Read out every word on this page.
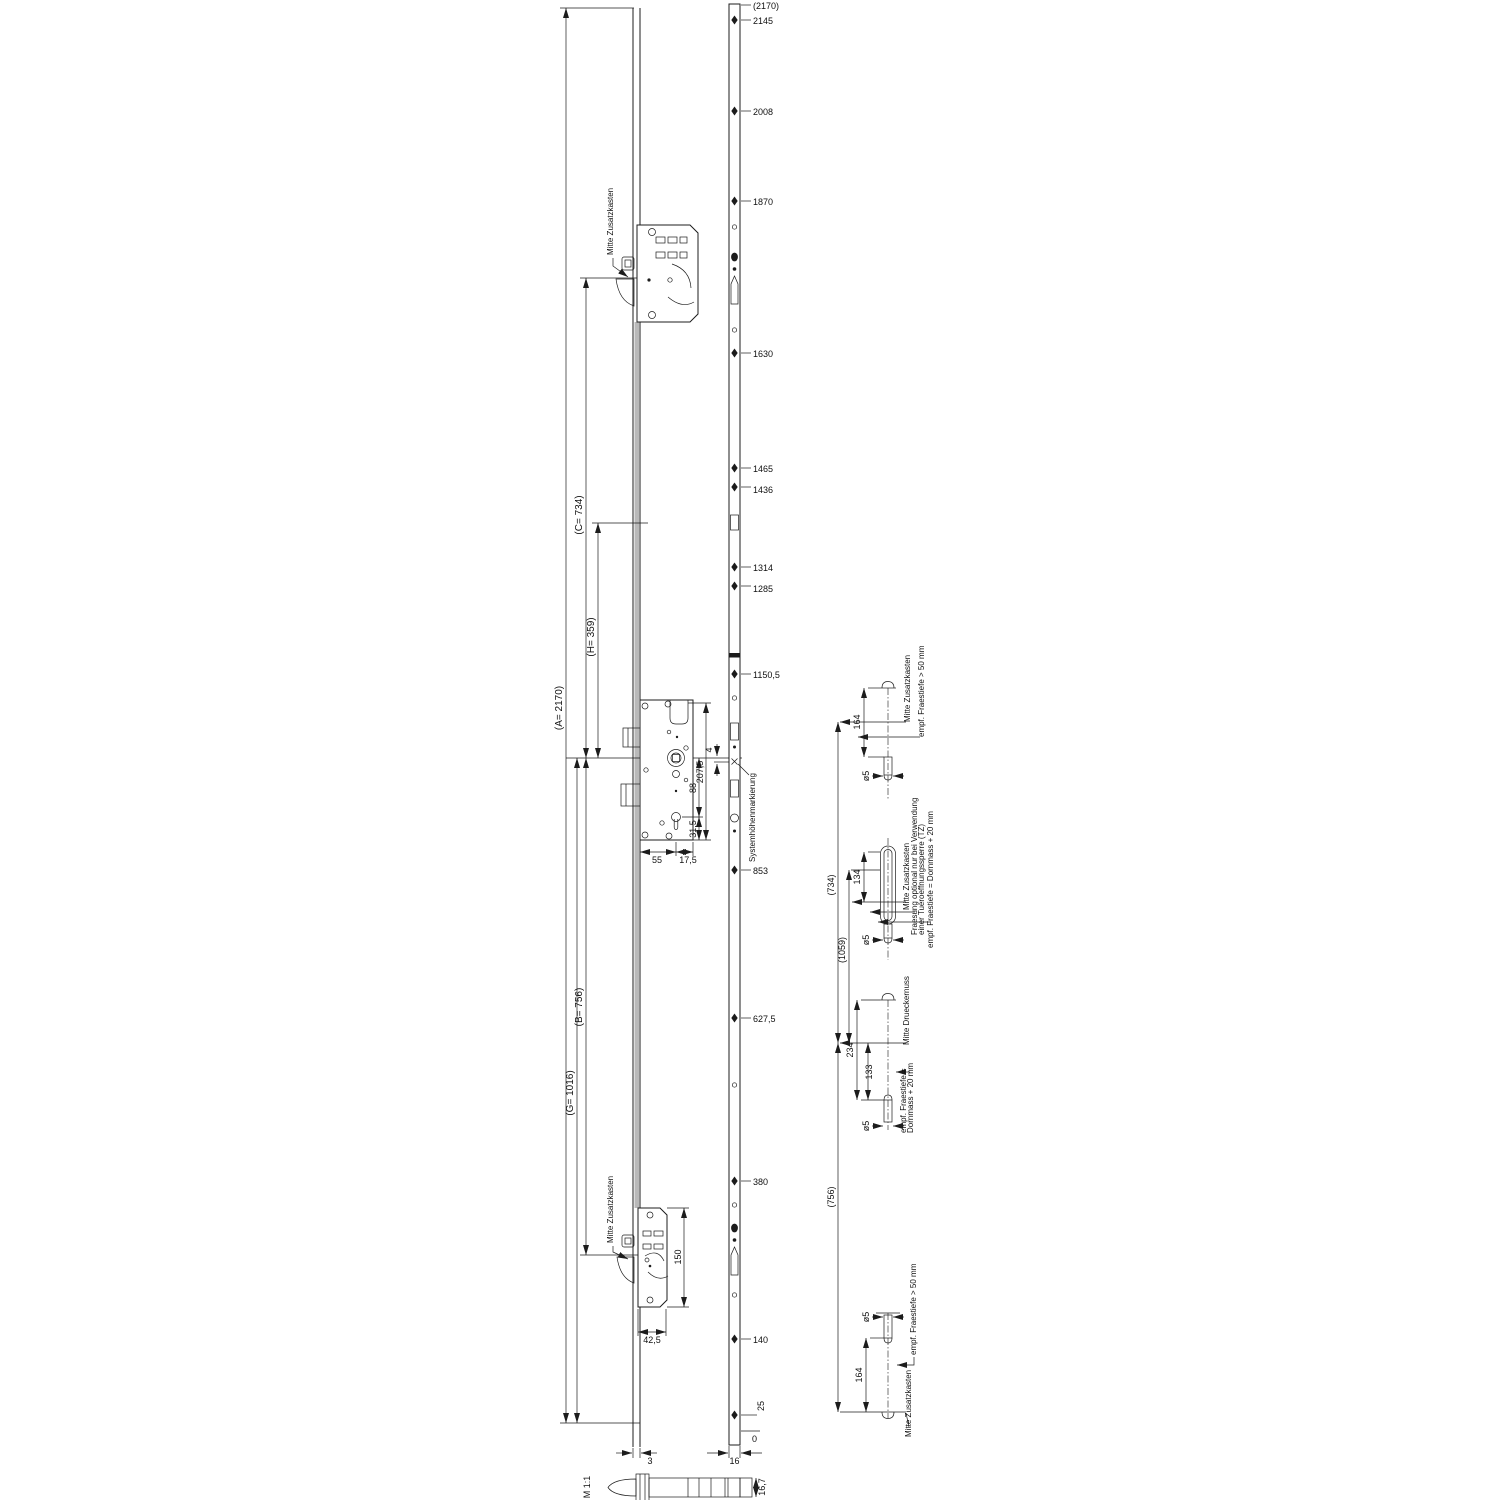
(A= 2170)
(G= 1016)
(C= 734)
(B= 756)
(H= 359)
Mitte Zusatzkasten
207,5
88
31,5
55 17,5
Mitte Zusatzkasten
150
42,5
3
(2170)
2145
2008
1870
1630
1465
1436
1314
1285
1150,5
853
627,5
380
140
25
0
4
Systemhöhenmarkierung
16
(734)
(1059)
(756)
164	Mitte Zusatzkasten empf. Fraestiefe > 50 mm
ø5
134	Mitte Zusatzkasten Fraesung optional nur bei Verwendung
einer Tueroeffnungssperre (TZ) empf. Fraestiefe = Dornmass + 20 mm
ø5
234
133
Mitte Drueckernuss
empf. Fraestiefe =
Dornmass + 20 mm
ø5
ø5
164
empf. Fraestiefe > 50 mm
Mitte Zusatzkasten
M 1:1	16,7
